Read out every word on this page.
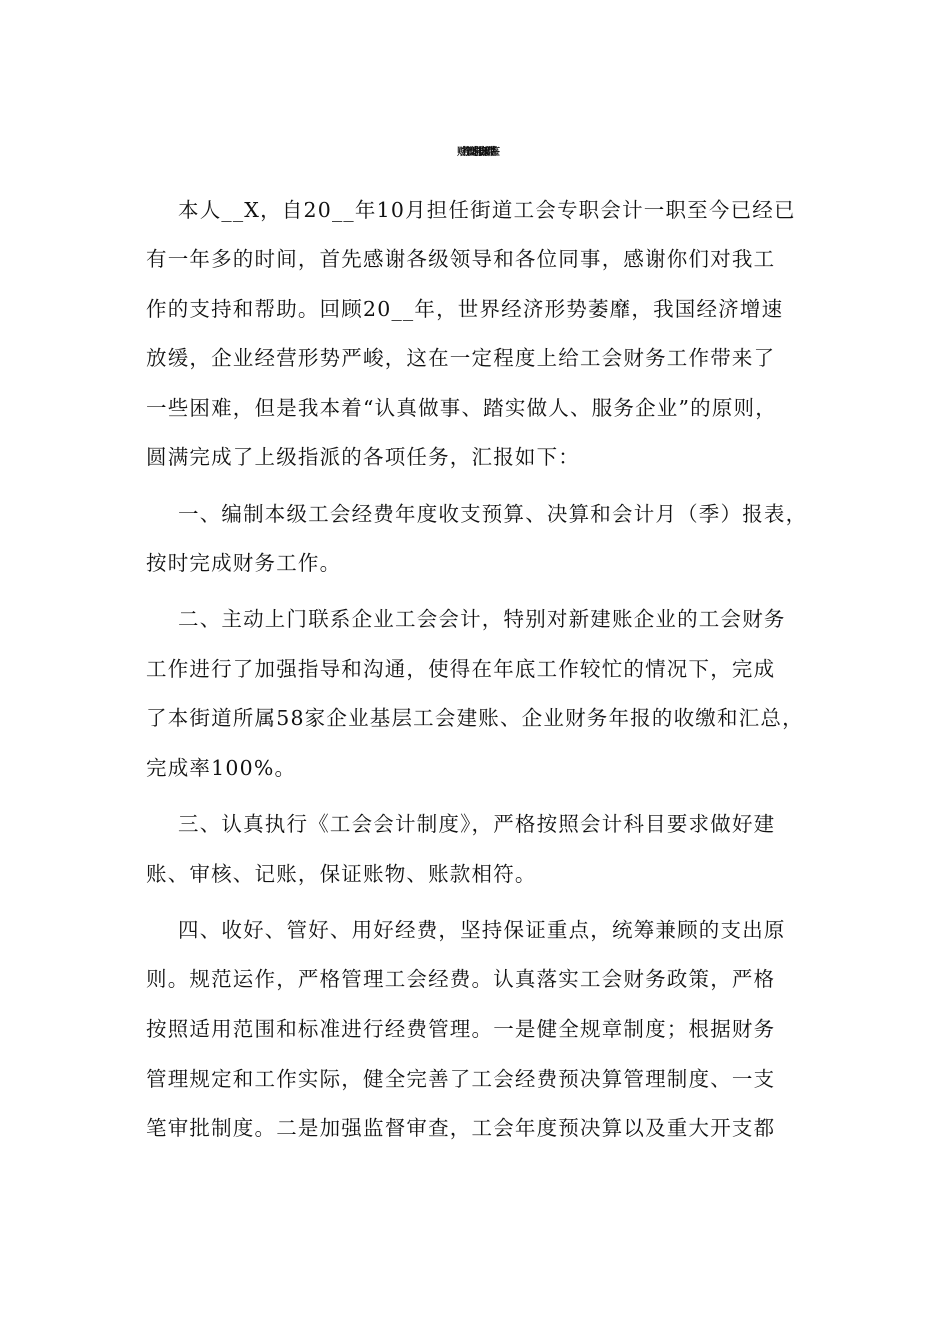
财务主管述职报告3篇供借鉴
本人__X，自20__年10月担任街道工会专职会计一职至今已经已
有一年多的时间，首先感谢各级领导和各位同事，感谢你们对我工
作的支持和帮助。回顾20__年，世界经济形势萎靡，我国经济增速
放缓，企业经营形势严峻，这在一定程度上给工会财务工作带来了
一些困难，但是我本着“认真做事、踏实做人、服务企业”的原则，
圆满完成了上级指派的各项任务，汇报如下：
一、编制本级工会经费年度收支预算、决算和会计月（季）报表，
按时完成财务工作。
二、主动上门联系企业工会会计，特别对新建账企业的工会财务
工作进行了加强指导和沟通，使得在年底工作较忙的情况下，完成
了本街道所属58家企业基层工会建账、企业财务年报的收缴和汇总，
完成率100%。
三、认真执行《工会会计制度》，严格按照会计科目要求做好建
账、审核、记账，保证账物、账款相符。
四、收好、管好、用好经费，坚持保证重点，统筹兼顾的支出原
则。规范运作，严格管理工会经费。认真落实工会财务政策，严格
按照适用范围和标准进行经费管理。一是健全规章制度；根据财务
管理规定和工作实际，健全完善了工会经费预决算管理制度、一支
笔审批制度。二是加强监督审查，工会年度预决算以及重大开支都
